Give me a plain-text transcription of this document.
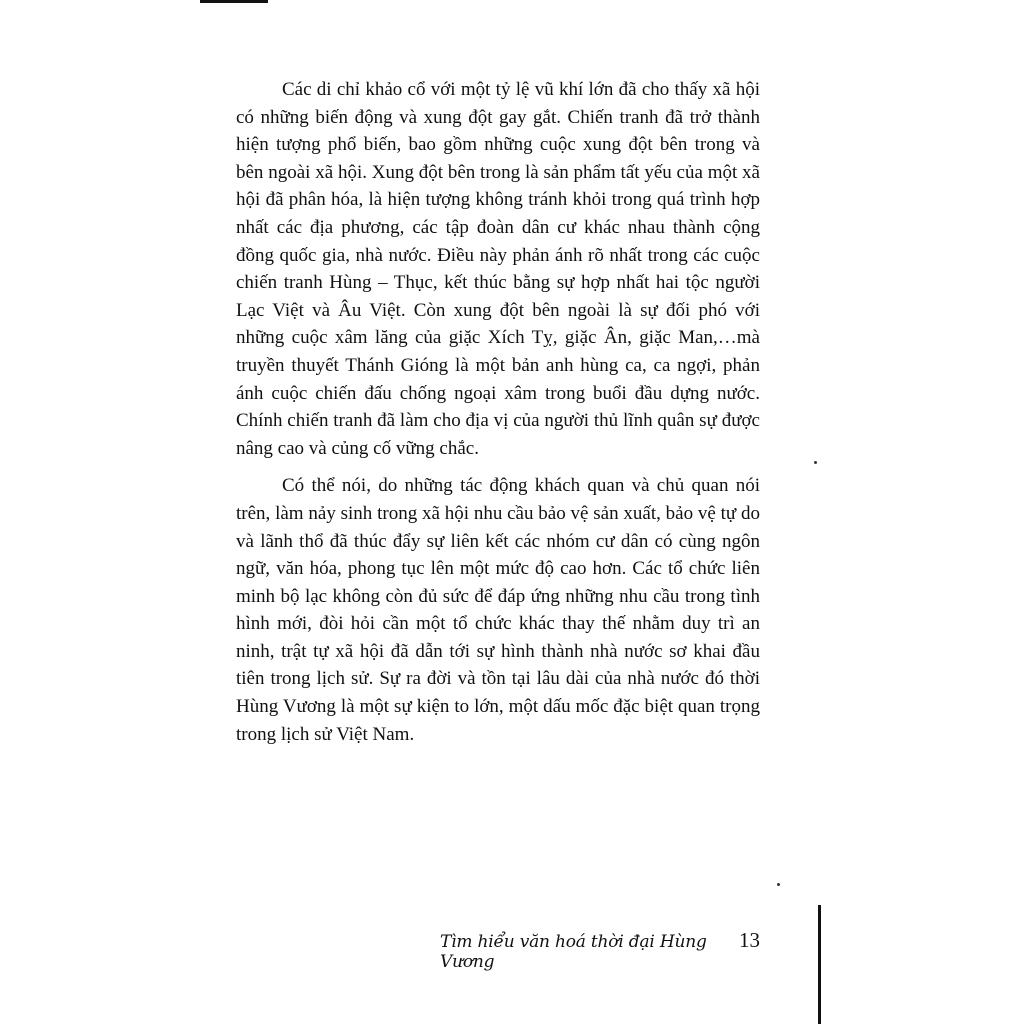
Các di chỉ khảo cổ với một tỷ lệ vũ khí lớn đã cho thấy xã hội có những biến động và xung đột gay gắt. Chiến tranh đã trở thành hiện tượng phổ biến, bao gồm những cuộc xung đột bên trong và bên ngoài xã hội. Xung đột bên trong là sản phẩm tất yếu của một xã hội đã phân hóa, là hiện tượng không tránh khỏi trong quá trình hợp nhất các địa phương, các tập đoàn dân cư khác nhau thành cộng đồng quốc gia, nhà nước. Điều này phản ánh rõ nhất trong các cuộc chiến tranh Hùng – Thục, kết thúc bằng sự hợp nhất hai tộc người Lạc Việt và Âu Việt. Còn xung đột bên ngoài là sự đối phó với những cuộc xâm lăng của giặc Xích Tỵ, giặc Ân, giặc Man,…mà truyền thuyết Thánh Gióng là một bản anh hùng ca, ca ngợi, phản ánh cuộc chiến đấu chống ngoại xâm trong buổi đầu dựng nước. Chính chiến tranh đã làm cho địa vị của người thủ lĩnh quân sự được nâng cao và củng cố vững chắc.

Có thể nói, do những tác động khách quan và chủ quan nói trên, làm nảy sinh trong xã hội nhu cầu bảo vệ sản xuất, bảo vệ tự do và lãnh thổ đã thúc đẩy sự liên kết các nhóm cư dân có cùng ngôn ngữ, văn hóa, phong tục lên một mức độ cao hơn. Các tổ chức liên minh bộ lạc không còn đủ sức để đáp ứng những nhu cầu trong tình hình mới, đòi hỏi cần một tổ chức khác thay thế nhằm duy trì an ninh, trật tự xã hội đã dẫn tới sự hình thành nhà nước sơ khai đầu tiên trong lịch sử. Sự ra đời và tồn tại lâu dài của nhà nước đó thời Hùng Vương là một sự kiện to lớn, một dấu mốc đặc biệt quan trọng trong lịch sử Việt Nam.

Tìm hiểu văn hoá thời đại Hùng Vương
13
